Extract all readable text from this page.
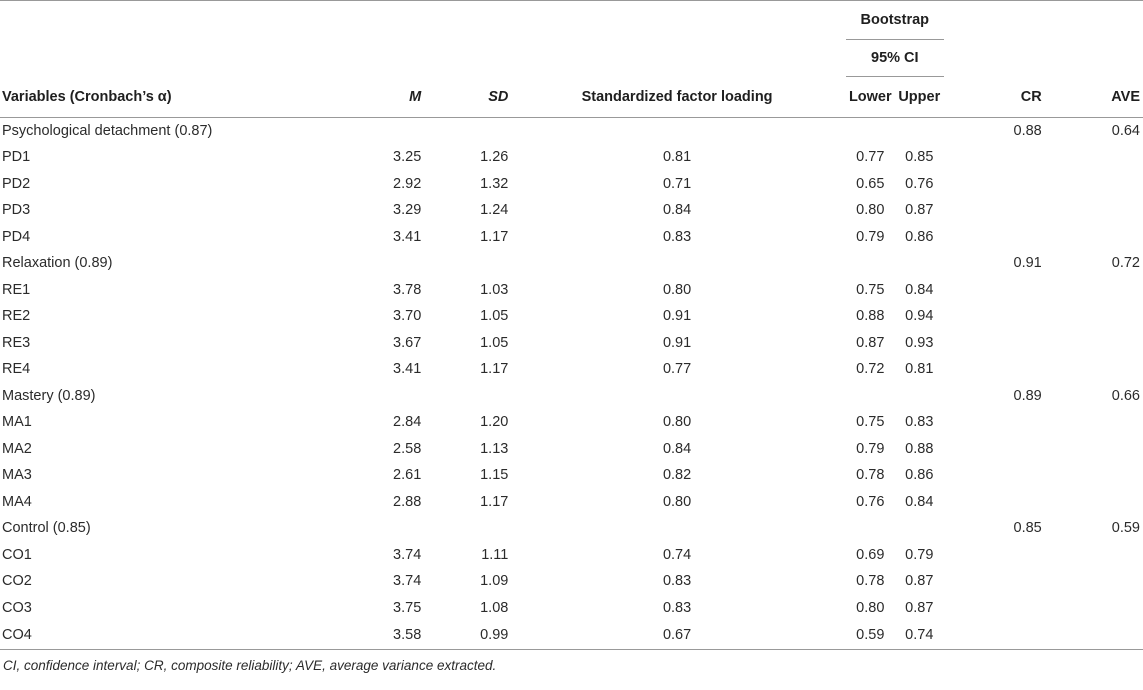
				Bootstrap			
				95% CI			
Variables (Cronbach’s α)	M	SD	Standardized factor loading	Lower	Upper	CR	AVE
Psychological detachment (0.87)						0.88	0.64
PD1	3.25	1.26	0.81	0.77	0.85		
PD2	2.92	1.32	0.71	0.65	0.76		
PD3	3.29	1.24	0.84	0.80	0.87		
PD4	3.41	1.17	0.83	0.79	0.86		
Relaxation (0.89)						0.91	0.72
RE1	3.78	1.03	0.80	0.75	0.84		
RE2	3.70	1.05	0.91	0.88	0.94		
RE3	3.67	1.05	0.91	0.87	0.93		
RE4	3.41	1.17	0.77	0.72	0.81		
Mastery (0.89)						0.89	0.66
MA1	2.84	1.20	0.80	0.75	0.83		
MA2	2.58	1.13	0.84	0.79	0.88		
MA3	2.61	1.15	0.82	0.78	0.86		
MA4	2.88	1.17	0.80	0.76	0.84		
Control (0.85)						0.85	0.59
CO1	3.74	1.11	0.74	0.69	0.79		
CO2	3.74	1.09	0.83	0.78	0.87		
CO3	3.75	1.08	0.83	0.80	0.87		
CO4	3.58	0.99	0.67	0.59	0.74		
CI, confidence interval; CR, composite reliability; AVE, average variance extracted.
